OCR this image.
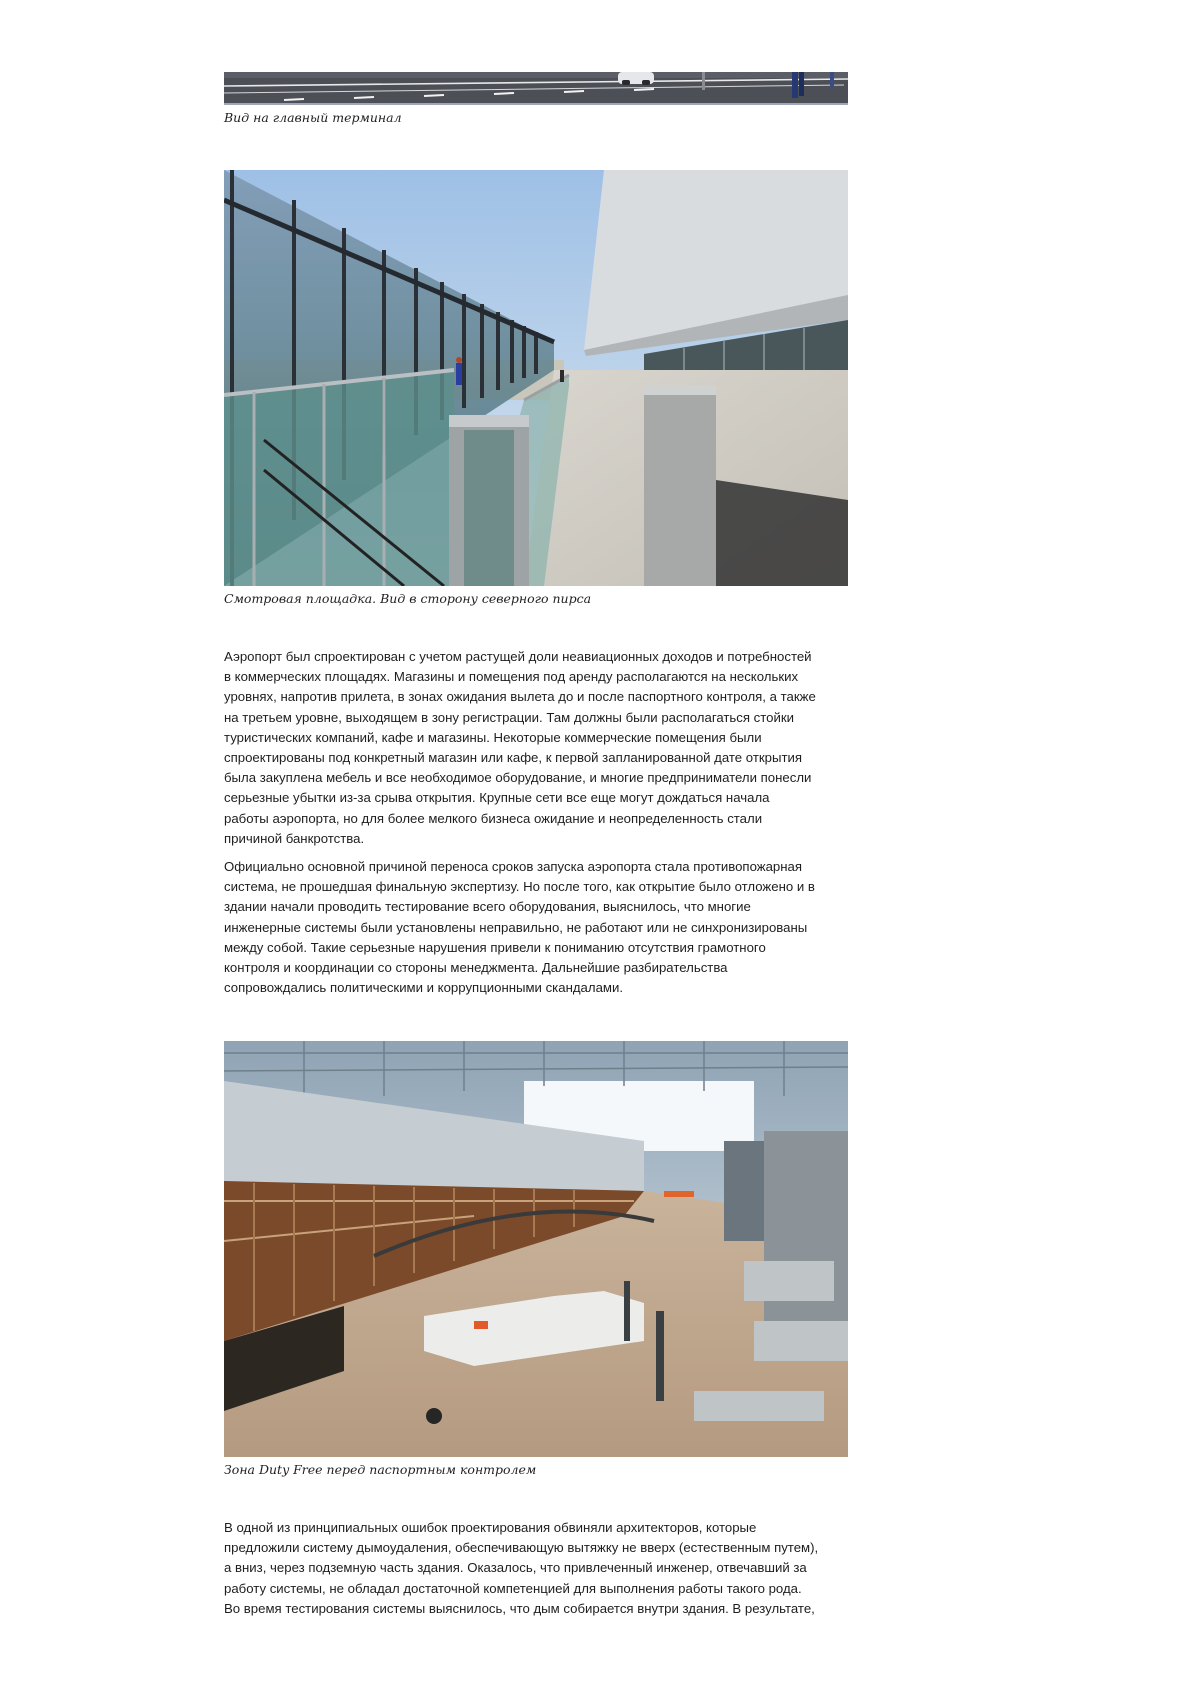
Вид на главный терминал
Смотровая площадка. Вид в сторону северного пирса

Аэропорт был спроектирован с учетом растущей доли неавиационных доходов и потребностей
в коммерческих площадях. Магазины и помещения под аренду располагаются на нескольких
уровнях, напротив прилета, в зонах ожидания вылета до и после паспортного контроля, а также
на третьем уровне, выходящем в зону регистрации. Там должны были располагаться стойки
туристических компаний, кафе и магазины. Некоторые коммерческие помещения были
спроектированы под конкретный магазин или кафе, к первой запланированной дате открытия
была закуплена мебель и все необходимое оборудование, и многие предприниматели понесли
серьезные убытки из-за срыва открытия. Крупные сети все еще могут дождаться начала
работы аэропорта, но для более мелкого бизнеса ожидание и неопределенность стали
причиной банкротства.

Официально основной причиной переноса сроков запуска аэропорта стала противопожарная
система, не прошедшая финальную экспертизу. Но после того, как открытие было отложено и в
здании начали проводить тестирование всего оборудования, выяснилось, что многие
инженерные системы были установлены неправильно, не работают или не синхронизированы
между собой. Такие серьезные нарушения привели к пониманию отсутствия грамотного
контроля и координации со стороны менеджмента. Дальнейшие разбирательства
сопровождались политическими и коррупционными скандалами.

Зона Duty Free перед паспортным контролем

В одной из принципиальных ошибок проектирования обвиняли архитекторов, которые
предложили систему дымоудаления, обеспечивающую вытяжку не вверх (естественным путем),
а вниз, через подземную часть здания. Оказалось, что привлеченный инженер, отвечавший за
работу системы, не обладал достаточной компетенцией для выполнения работы такого рода.
Во время тестирования системы выяснилось, что дым собирается внутри здания. В результате,
